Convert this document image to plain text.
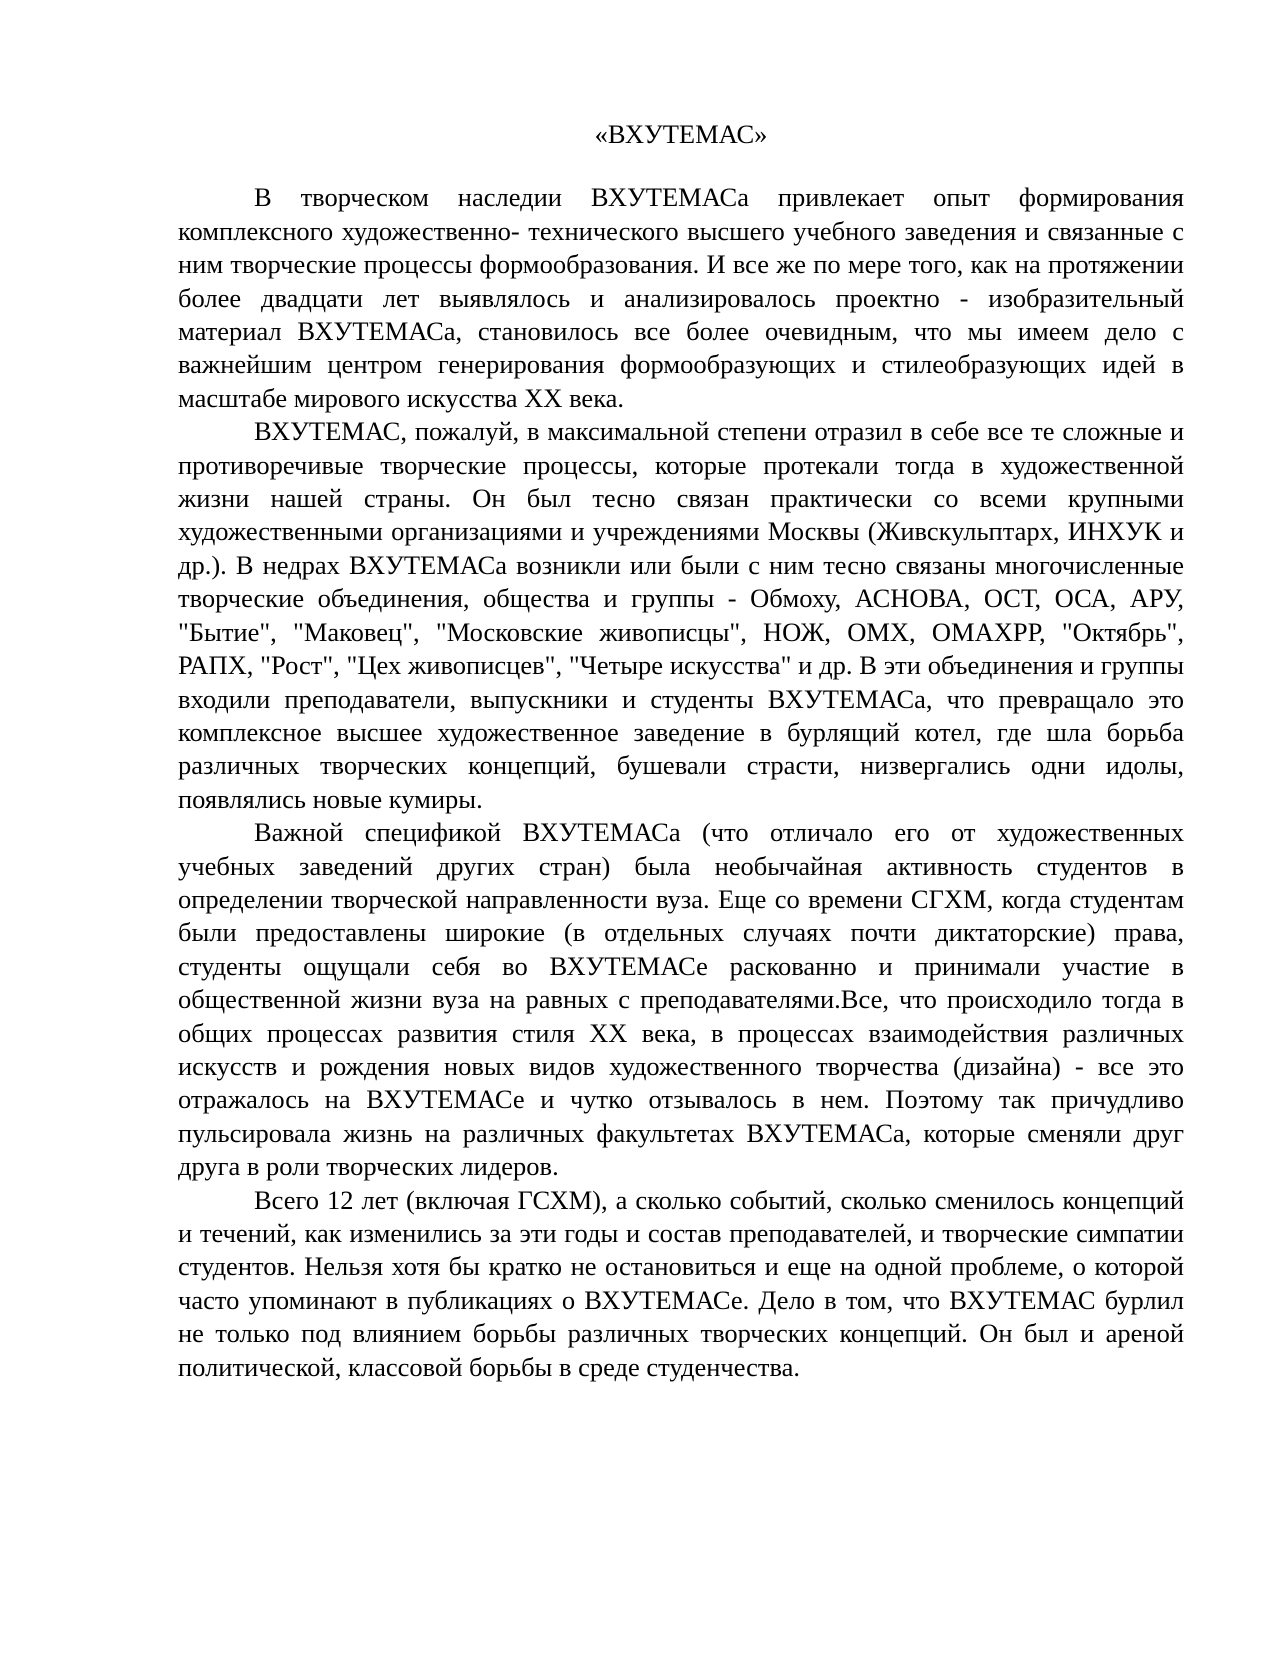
«ВХУТЕМАС»

В творческом наследии ВХУТЕМАСа привлекает опыт формирования комплексного художественно- технического высшего учебного заведения и связанные с ним творческие процессы формообразования. И все же по мере того, как на протяжении более двадцати лет выявлялось и анализировалось проектно - изобразительный материал ВХУТЕМАСа, становилось все более очевидным, что мы имеем дело с важнейшим центром генерирования формообразующих и стилеобразующих идей в масштабе мирового искусства XX века.

ВХУТЕМАС, пожалуй, в максимальной степени отразил в себе все те сложные и противоречивые творческие процессы, которые протекали тогда в художественной жизни нашей страны. Он был тесно связан практически со всеми крупными художественными организациями и учреждениями Москвы (Живскульптарх, ИНХУК и др.). В недрах ВХУТЕМАСа возникли или были с ним тесно связаны многочисленные творческие объединения, общества и группы - Обмоху, АСНОВА, ОСТ, ОСА, АРУ, "Бытие", "Маковец", "Московские живописцы", НОЖ, ОМХ, ОМАХРР, "Октябрь", РАПХ, "Рост", "Цех живописцев", "Четыре искусства" и др. В эти объединения и группы входили преподаватели, выпускники и студенты ВХУТЕМАСа, что превращало это комплексное высшее художественное заведение в бурлящий котел, где шла борьба различных творческих концепций, бушевали страсти, низвергались одни идолы, появлялись новые кумиры.

Важной спецификой ВХУТЕМАСа (что отличало его от художественных учебных заведений других стран) была необычайная активность студентов в определении творческой направленности вуза. Еще со времени СГХМ, когда студентам были предоставлены широкие (в отдельных случаях почти диктаторские) права, студенты ощущали себя во ВХУТЕМАСе раскованно и принимали участие в общественной жизни вуза на равных с преподавателями.Все, что происходило тогда в общих процессах развития стиля XX века, в процессах взаимодействия различных искусств и рождения новых видов художественного творчества (дизайна) - все это отражалось на ВХУТЕМАСе и чутко отзывалось в нем. Поэтому так причудливо пульсировала жизнь на различных факультетах ВХУТЕМАСа, которые сменяли друг друга в роли творческих лидеров.

Всего 12 лет (включая ГСХМ), а сколько событий, сколько сменилось концепций и течений, как изменились за эти годы и состав преподавателей, и творческие симпатии студентов. Нельзя хотя бы кратко не остановиться и еще на одной проблеме, о которой часто упоминают в публикациях о ВХУТЕМАСе. Дело в том, что ВХУТЕМАС бурлил не только под влиянием борьбы различных творческих концепций. Он был и ареной политической, классовой борьбы в среде студенчества.
